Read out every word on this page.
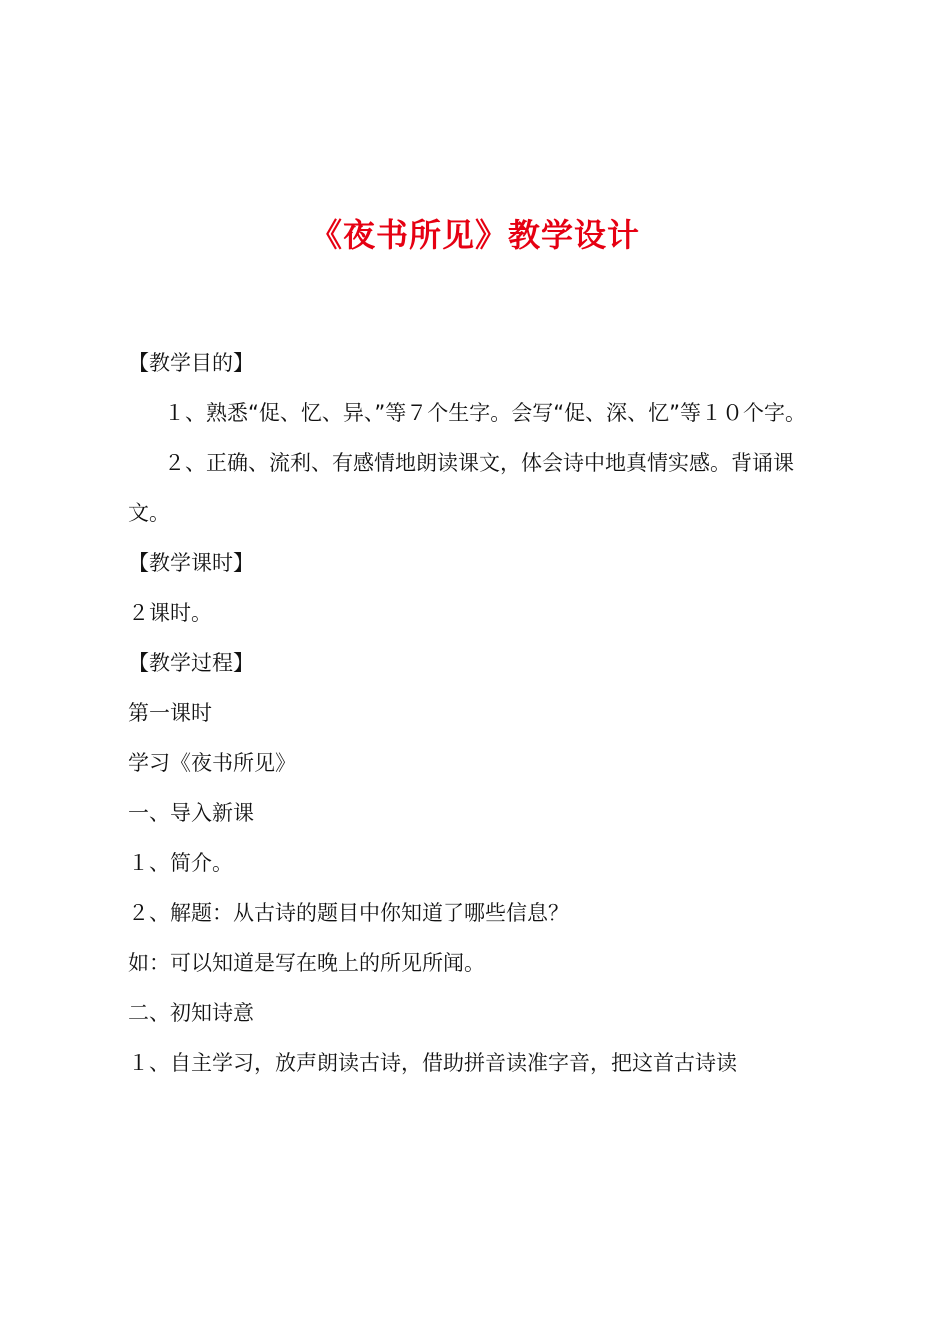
《夜书所见》教学设计

【教学目的】

１、熟悉“促、忆、异、”等７个生字。会写“促、深、忆”等１０个字。

２、正确、流利、有感情地朗读课文，体会诗中地真情实感。背诵课文。

【教学课时】

２课时。

【教学过程】

第一课时

学习《夜书所见》

一、导入新课

１、简介。

２、解题：从古诗的题目中你知道了哪些信息？

如：可以知道是写在晚上的所见所闻。

二、初知诗意

１、自主学习，放声朗读古诗，借助拼音读准字音，把这首古诗读
